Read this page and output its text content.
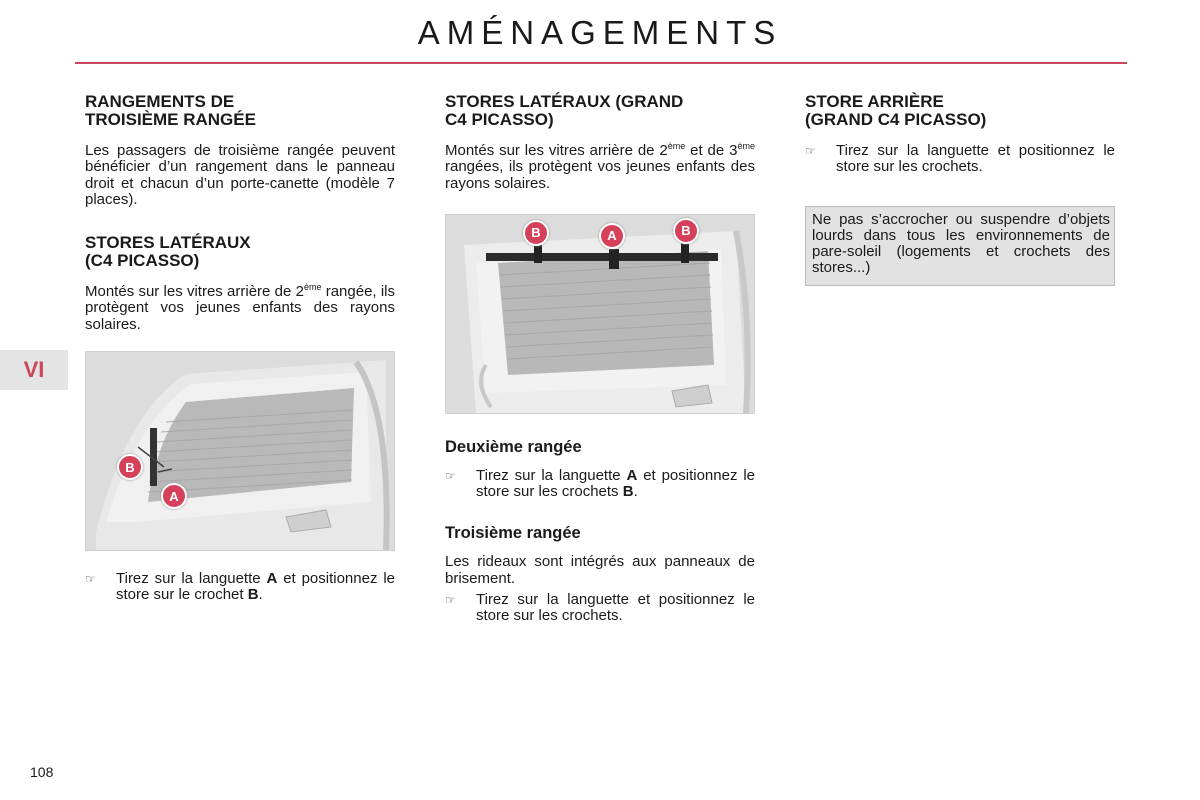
AMÉNAGEMENTS
VI
108
RANGEMENTS DE
TROISIÈME RANGÉE

Les passagers de troisième rangée peuvent bénéficier d’un rangement dans le panneau droit et chacun d’un porte-canette (modèle 7 places).

STORES LATÉRAUX
(C4 PICASSO)

Montés sur les vitres arrière de 2ème rangée, ils protègent vos jeunes enfants des rayons solaires.

B
A
☞	Tirez sur la languette A et positionnez le store sur le crochet B.
STORES LATÉRAUX (GRAND
C4 PICASSO)

Montés sur les vitres arrière de 2ème et de 3ème rangées, ils protègent vos jeunes enfants des rayons solaires.

B	A	B
Deuxième rangée
☞	Tirez sur la languette A et positionnez le store sur les crochets B.
Troisième rangée

Les rideaux sont intégrés aux panneaux de brisement.

☞	Tirez sur la languette et positionnez le store sur les crochets.
STORE ARRIÈRE
(GRAND C4 PICASSO)
☞	Tirez sur la languette et positionnez le store sur les crochets.
Ne pas s’accrocher ou suspendre d’objets lourds dans tous les environnements de pare-soleil (logements et crochets des stores...)
